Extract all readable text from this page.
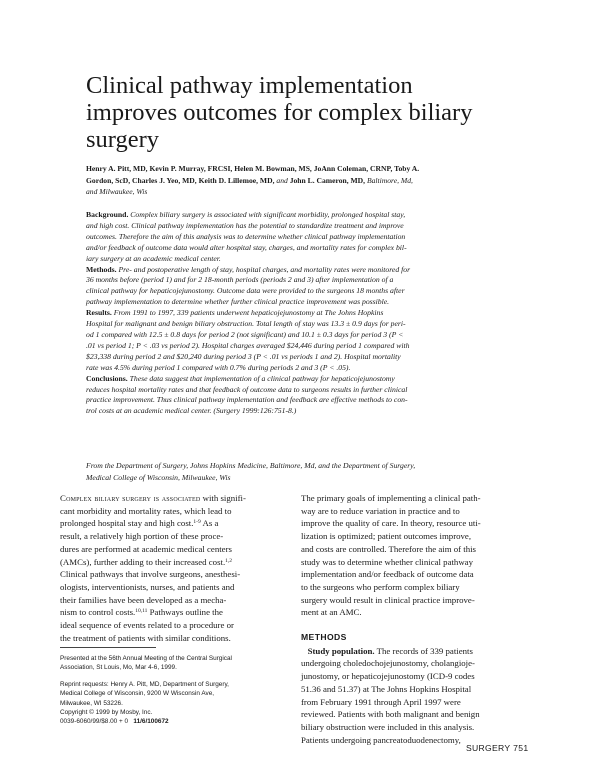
Clinical pathway implementation
improves outcomes for complex biliary
surgery
Henry A. Pitt, MD, Kevin P. Murray, FRCSI, Helen M. Bowman, MS, JoAnn Coleman, CRNP, Toby A.
Gordon, ScD, Charles J. Yeo, MD, Keith D. Lillemoe, MD, and John L. Cameron, MD, Baltimore, Md,
and Milwaukee, Wis
Background. Complex biliary surgery is associated with significant morbidity, prolonged hospital stay,
and high cost. Clinical pathway implementation has the potential to standardize treatment and improve
outcomes. Therefore the aim of this analysis was to determine whether clinical pathway implementation
and/or feedback of outcome data would alter hospital stay, charges, and mortality rates for complex bil-
iary surgery at an academic medical center.
Methods. Pre- and postoperative length of stay, hospital charges, and mortality rates were monitored for
36 months before (period 1) and for 2 18-month periods (periods 2 and 3) after implementation of a
clinical pathway for hepaticojejunostomy. Outcome data were provided to the surgeons 18 months after
pathway implementation to determine whether further clinical practice improvement was possible.
Results. From 1991 to 1997, 339 patients underwent hepaticojejunostomy at The Johns Hopkins
Hospital for malignant and benign biliary obstruction. Total length of stay was 13.3 ± 0.9 days for peri-
od 1 compared with 12.5 ± 0.8 days for period 2 (not significant) and 10.1 ± 0.3 days for period 3 (P <
.01 vs period 1; P < .03 vs period 2). Hospital charges averaged $24,446 during period 1 compared with
$23,338 during period 2 and $20,240 during period 3 (P < .01 vs periods 1 and 2). Hospital mortality
rate was 4.5% during period 1 compared with 0.7% during periods 2 and 3 (P < .05).
Conclusions. These data suggest that implementation of a clinical pathway for hepaticojejunostomy
reduces hospital mortality rates and that feedback of outcome data to surgeons results in further clinical
practice improvement. Thus clinical pathway implementation and feedback are effective methods to con-
trol costs at an academic medical center. (Surgery 1999:126:751-8.)
From the Department of Surgery, Johns Hopkins Medicine, Baltimore, Md, and the Department of Surgery,
Medical College of Wisconsin, Milwaukee, Wis
Complex biliary surgery is associated with signifi-
cant morbidity and mortality rates, which lead to
prolonged hospital stay and high cost.$^{1-9}$ As a
result, a relatively high portion of these proce-
dures are performed at academic medical centers
(AMCs), further adding to their increased cost.$^{1,2}$
Clinical pathways that involve surgeons, anesthesi-
ologists, interventionists, nurses, and patients and
their families have been developed as a mecha-
nism to control costs.$^{10,11}$ Pathways outline the
ideal sequence of events related to a procedure or
the treatment of patients with similar conditions.
Presented at the 56th Annual Meeting of the Central Surgical
Association, St Louis, Mo, Mar 4-6, 1999.
Reprint requests: Henry A. Pitt, MD, Department of Surgery,
Medical College of Wisconsin, 9200 W Wisconsin Ave,
Milwaukee, WI 53226.
Copyright © 1999 by Mosby, Inc.
0039-6060/99/$8.00 + 0 11/6/100672
The primary goals of implementing a clinical path-
way are to reduce variation in practice and to
improve the quality of care. In theory, resource uti-
lization is optimized; patient outcomes improve,
and costs are controlled. Therefore the aim of this
study was to determine whether clinical pathway
implementation and/or feedback of outcome data
to the surgeons who perform complex biliary
surgery would result in clinical practice improve-
ment at an AMC.
METHODS
Study population. The records of 339 patients
undergoing choledochojejunostomy, cholangioje-
junostomy, or hepaticojejunostomy (ICD-9 codes
51.36 and 51.37) at The Johns Hopkins Hospital
from February 1991 through April 1997 were
reviewed. Patients with both malignant and benign
biliary obstruction were included in this analysis.
Patients undergoing pancreatoduodenectomy,
SURGERY 751
